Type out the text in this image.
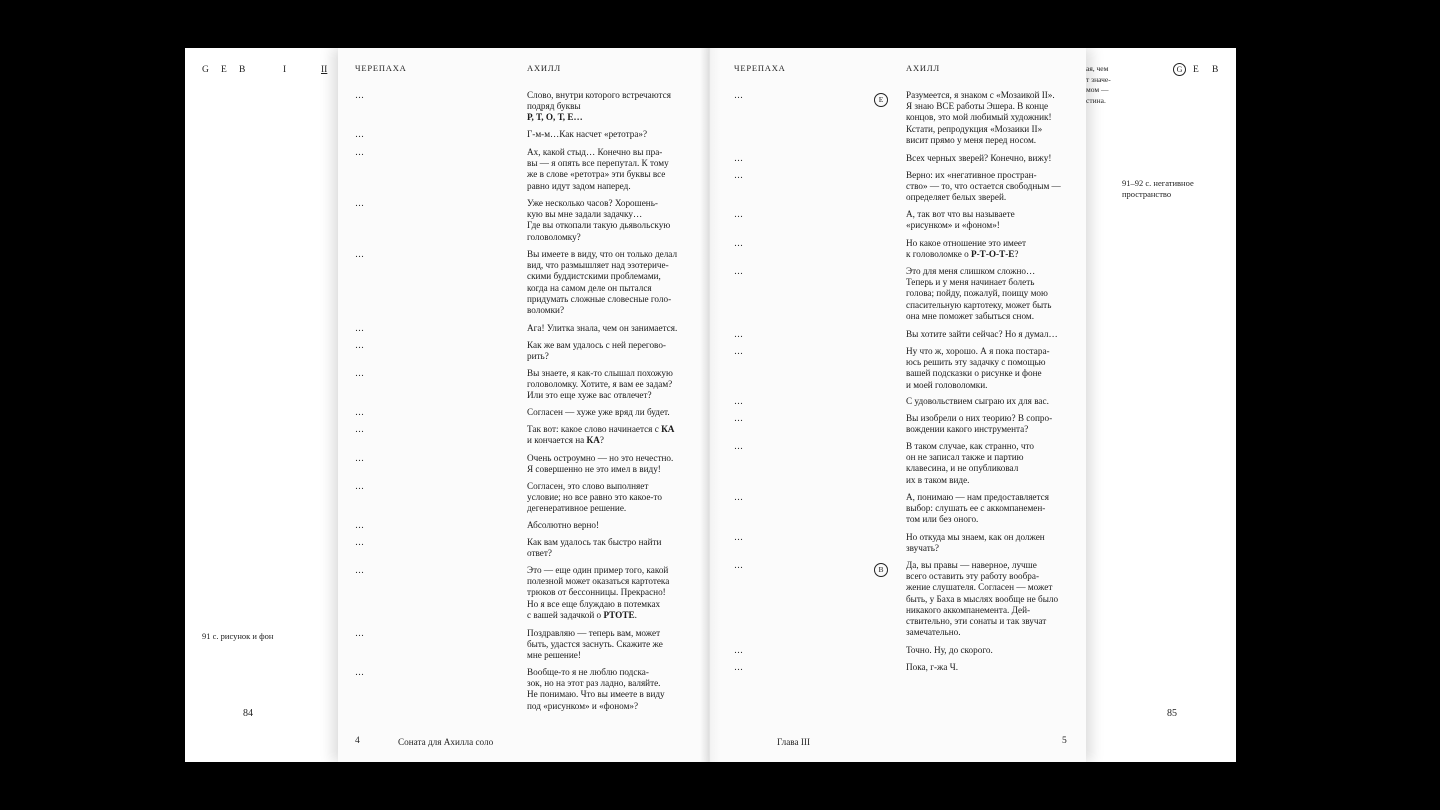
G E B	I	II
91 с. рисунок и фон
84
ая, чем
т значе-
мом —
стина.
G	E B
91–92 с. негативное
пространство
85
ЧЕРЕПАХА	АХИЛЛ
…	Слово, внутри которого встречаются
подряд буквы
Р, Т, О, Т, Е…
…	Г-м-м…Как насчет «ретотра»?
…	Ах, какой стыд… Конечно вы пра-
вы — я опять все перепутал. К тому
же в слове «ретотра» эти буквы все
равно идут задом наперед.
…	Уже несколько часов? Хорошень-
кую вы мне задали задачку…
Где вы откопали такую дьявольскую
головоломку?
…	Вы имеете в виду, что он только делал
вид, что размышляет над эзотериче-
скими буддистскими проблемами,
когда на самом деле он пытался
придумать сложные словесные голо-
воломки?
…	Ага! Улитка знала, чем он занимается.
…	Как же вам удалось с ней перегово-
рить?
…	Вы знаете, я как-то слышал похожую
головоломку. Хотите, я вам ее задам?
Или это еще хуже вас отвлечет?
…	Согласен — хуже уже вряд ли будет.
…	Так вот: какое слово начинается с КА
и кончается на КА?
…	Очень остроумно — но это нечестно.
Я совершенно не это имел в виду!
…	Согласен, это слово выполняет
условие; но все равно это какое-то
дегенеративное решение.
…	Абсолютно верно!
…	Как вам удалось так быстро найти
ответ?
…	Это — еще один пример того, какой
полезной может оказаться картотека
трюков от бессонницы. Прекрасно!
Но я все еще блуждаю в потемках
с вашей задачкой о РТОТЕ.
…	Поздравляю — теперь вам, может
быть, удастся заснуть. Скажите же
мне решение!
…	Вообще-то я не люблю подска-
зок, но на этот раз ладно, валяйте.
Не понимаю. Что вы имеете в виду
под «рисунком» и «фоном»?
4	Соната для Ахилла соло
ЧЕРЕПАХА	АХИЛЛ
…	E	Разумеется, я знаком с «Мозаикой II».
Я знаю ВСЕ работы Эшера. В конце
концов, это мой любимый художник!
Кстати, репродукция «Мозаики II»
висит прямо у меня перед носом.
…	Всех черных зверей? Конечно, вижу!
…	Верно: их «негативное простран-
ство» — то, что остается свободным —
определяет белых зверей.
…	А, так вот что вы называете
«рисунком» и «фоном»!
…	Но какое отношение это имеет
к головоломке о Р-Т-О-Т-Е?
…	Это для меня слишком сложно…
Теперь и у меня начинает болеть
голова; пойду, пожалуй, поищу мою
спасительную картотеку, может быть
она мне поможет забыться сном.
…	Вы хотите зайти сейчас? Но я думал…
…	Ну что ж, хорошо. А я пока постара-
юсь решить эту задачку с помощью
вашей подсказки о рисунке и фоне
и моей головоломки.
…	С удовольствием сыграю их для вас.
…	Вы изобрели о них теорию? В сопро-
вождении какого инструмента?
…	В таком случае, как странно, что
он не записал также и партию
клавесина, и не опубликовал
их в таком виде.
…	А, понимаю — нам предоставляется
выбор: слушать ее с аккомпанемен-
том или без оного.
…	Но откуда мы знаем, как он должен
звучать?
…	B	Да, вы правы — наверное, лучше
всего оставить эту работу вообра-
жение слушателя. Согласен — может
быть, у Баха в мыслях вообще не было
никакого аккомпанемента. Дей-
ствительно, эти сонаты и так звучат
замечательно.
…	Точно. Ну, до скорого.
…	Пока, г-жа Ч.
Глава III	5
